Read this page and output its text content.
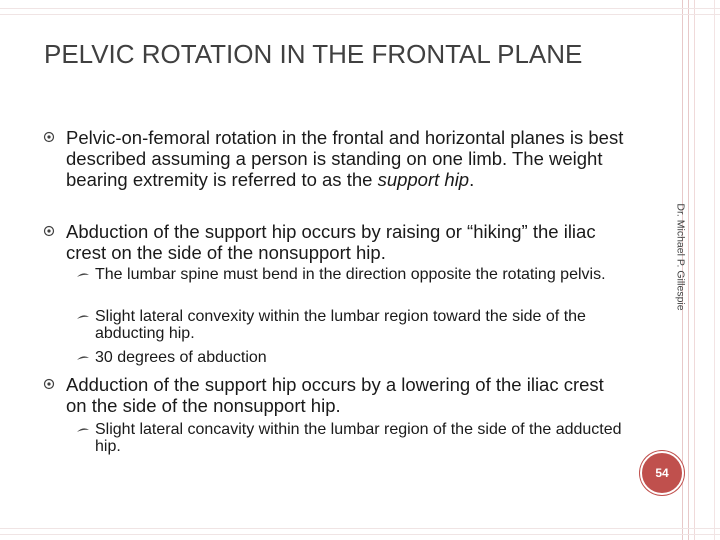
PELVIC ROTATION IN THE FRONTAL PLANE
Pelvic-on-femoral rotation in the frontal and horizontal planes is best described assuming a person is standing on one limb. The weight bearing extremity is referred to as the support hip.
Abduction of the support hip occurs by raising or “hiking” the iliac crest on the side of the nonsupport hip.
The lumbar spine must bend in the direction opposite the rotating pelvis.
Slight lateral convexity within the lumbar region toward the side of the abducting hip.
30 degrees of abduction
Adduction of the support hip occurs by a lowering of the iliac crest on the side of the nonsupport hip.
Slight lateral concavity within the lumbar region of the side of the adducted hip.
Dr. Michael P. Gillespie
54
